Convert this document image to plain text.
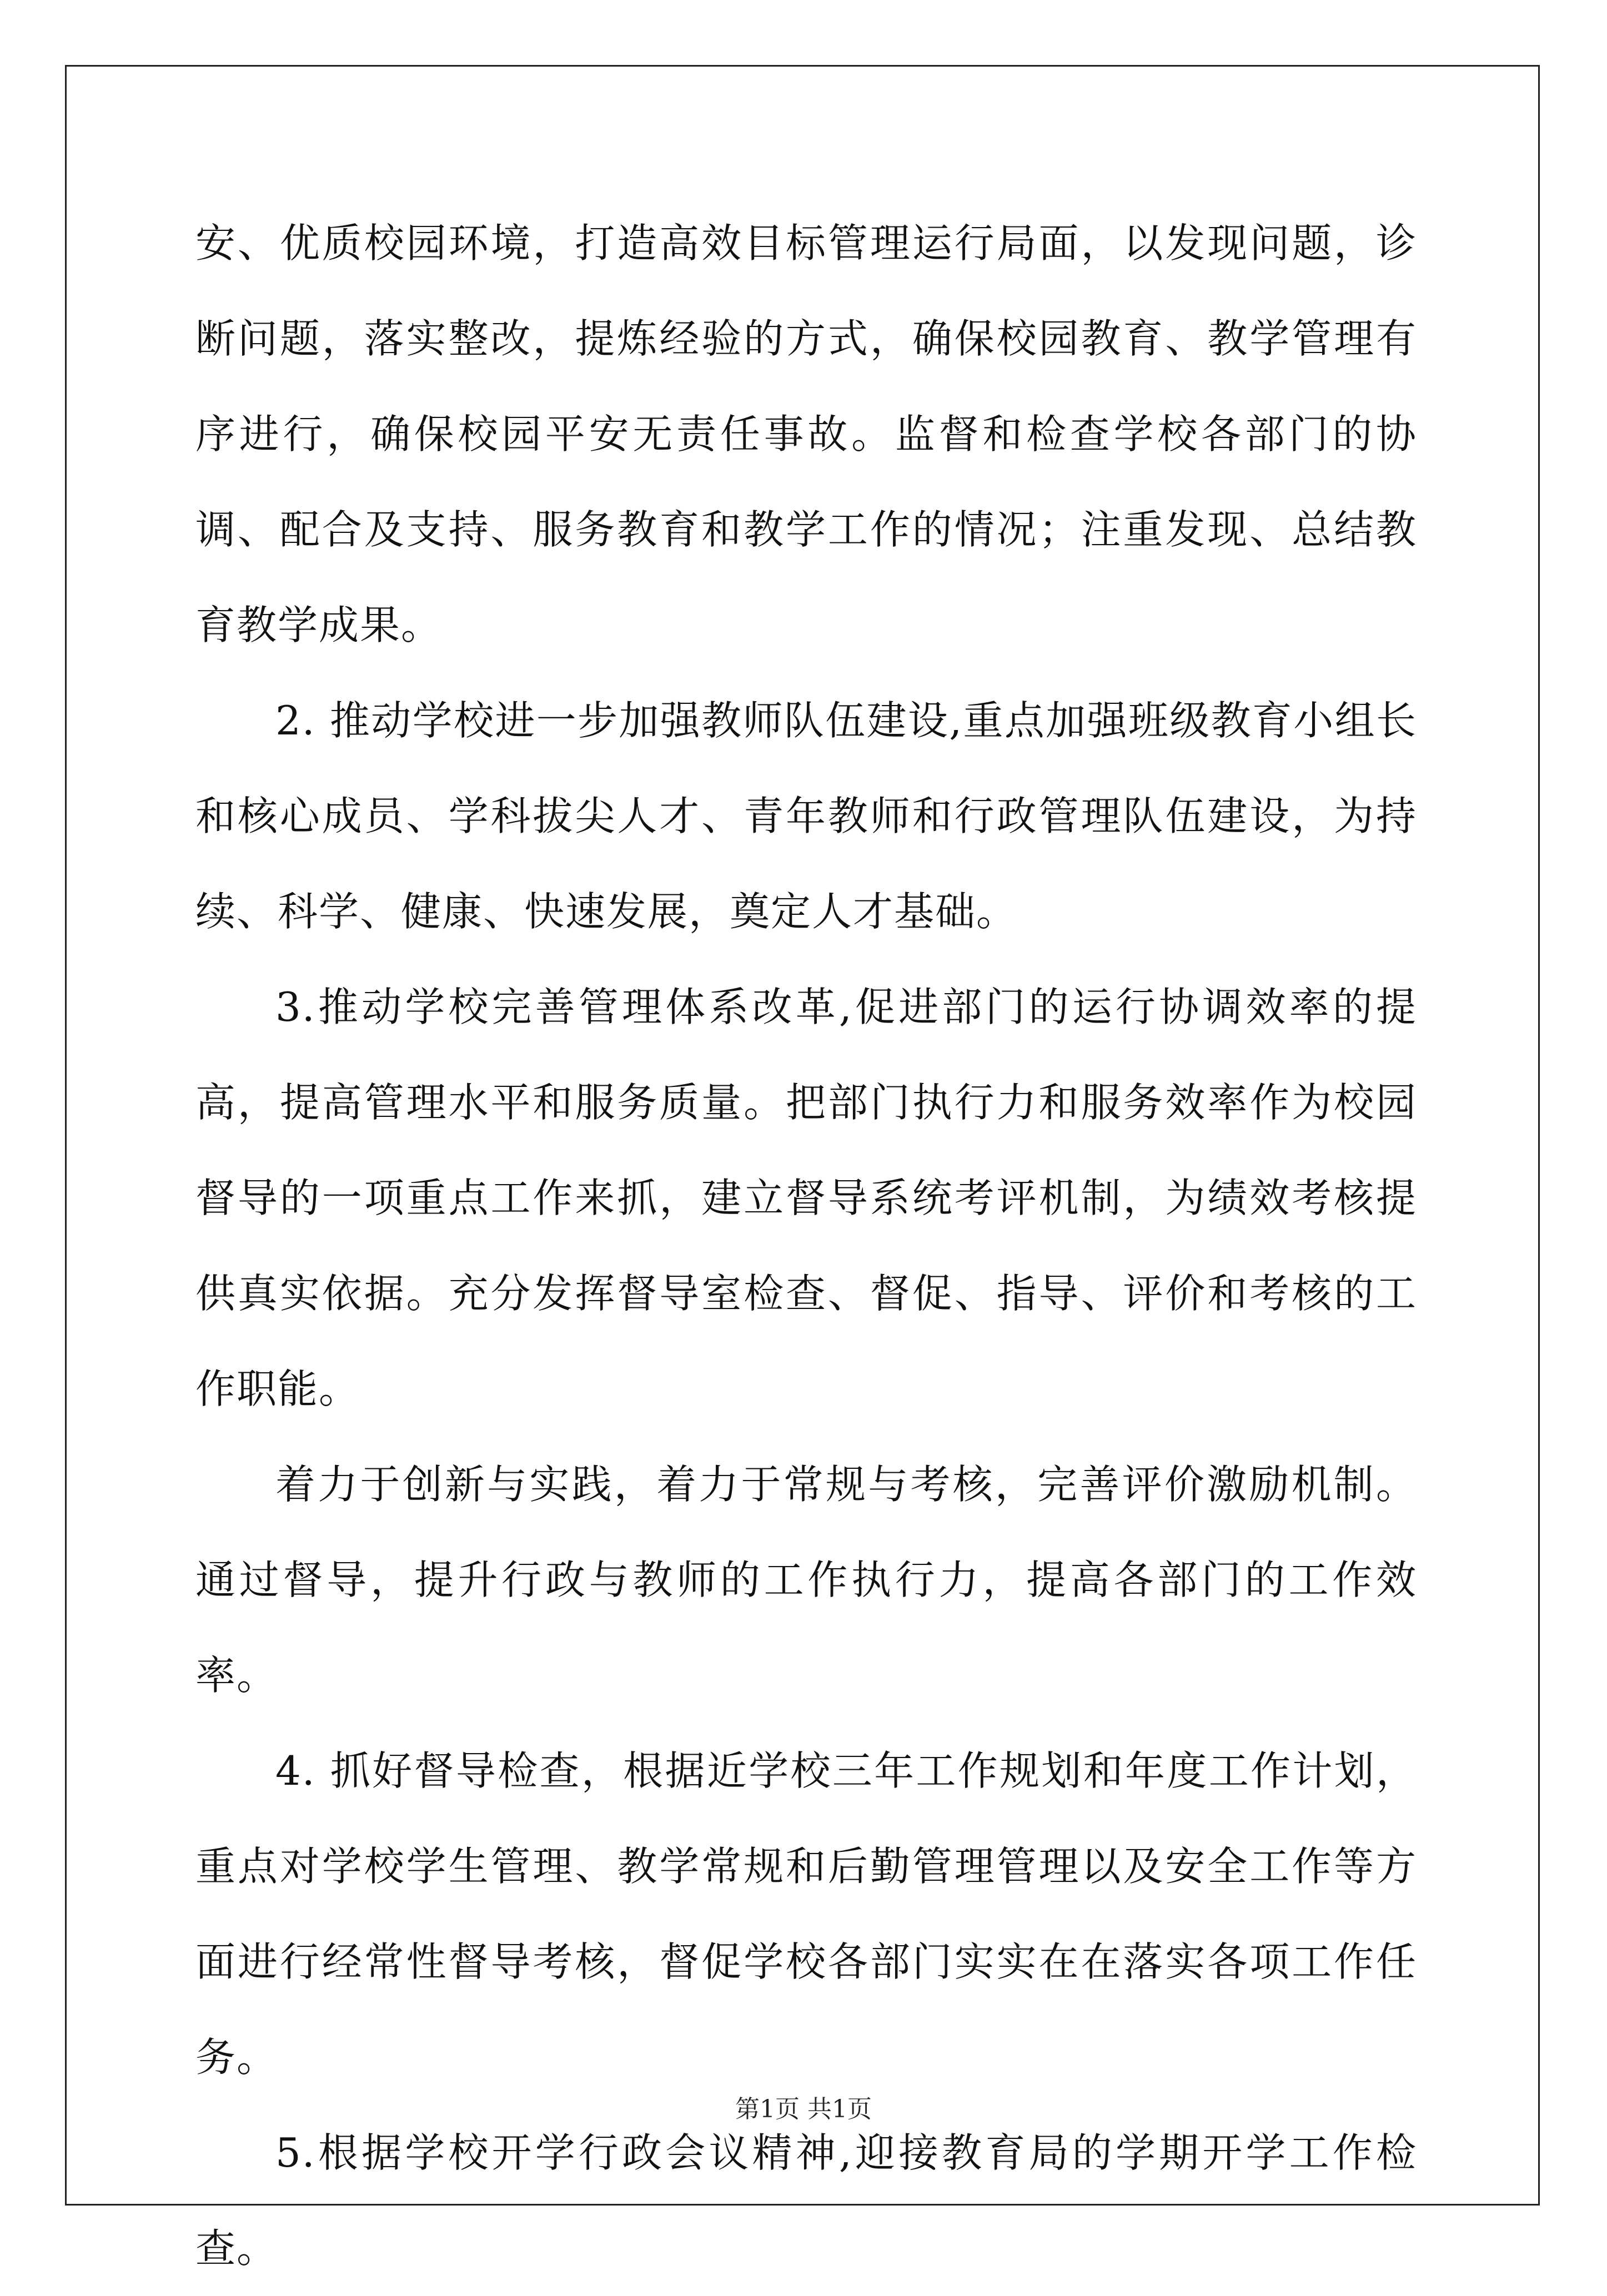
安、优质校园环境，打造高效目标管理运行局面，以发现问题，诊断问题，落实整改，提炼经验的方式，确保校园教育、教学管理有序进行，确保校园平安无责任事故。监督和检查学校各部门的协调、配合及支持、服务教育和教学工作的情况；注重发现、总结教育教学成果。

2. 推动学校进一步加强教师队伍建设,重点加强班级教育小组长和核心成员、学科拔尖人才、青年教师和行政管理队伍建设，为持续、科学、健康、快速发展，奠定人才基础。

3.推动学校完善管理体系改革,促进部门的运行协调效率的提高，提高管理水平和服务质量。把部门执行力和服务效率作为校园督导的一项重点工作来抓，建立督导系统考评机制，为绩效考核提供真实依据。充分发挥督导室检查、督促、指导、评价和考核的工作职能。

着力于创新与实践，着力于常规与考核，完善评价激励机制。通过督导，提升行政与教师的工作执行力，提高各部门的工作效率。

4. 抓好督导检查，根据近学校三年工作规划和年度工作计划，重点对学校学生管理、教学常规和后勤管理管理以及安全工作等方面进行经常性督导考核，督促学校各部门实实在在落实各项工作任务。

5.根据学校开学行政会议精神,迎接教育局的学期开学工作检查。

第1页 共1页
